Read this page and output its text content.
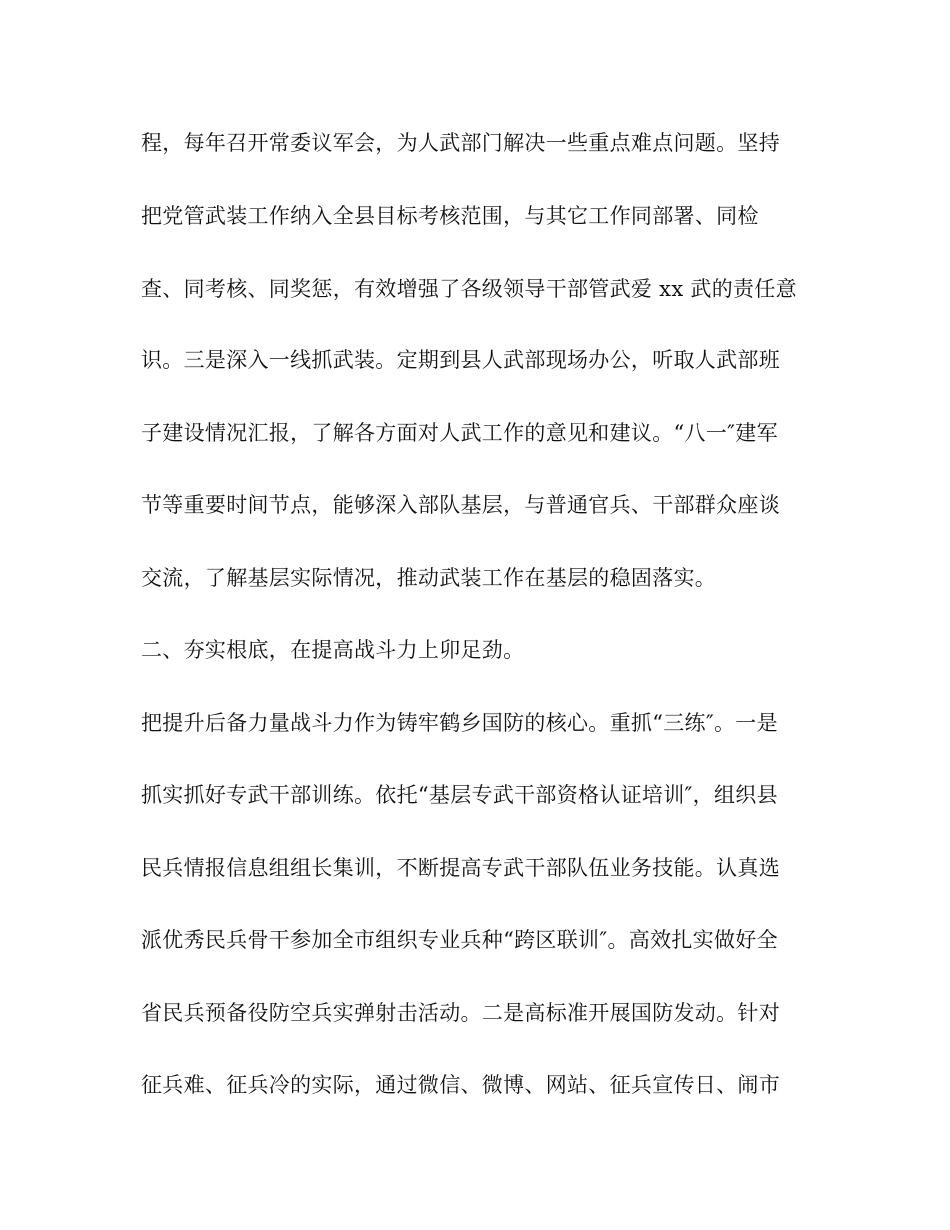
程，每年召开常委议军会，为人武部门解决一些重点难点问题。坚持

把党管武装工作纳入全县目标考核范围，与其它工作同部署、同检

查、同考核、同奖惩，有效增强了各级领导干部管武爱 xx 武的责任意

识。三是深入一线抓武装。定期到县人武部现场办公，听取人武部班

子建设情况汇报，了解各方面对人武工作的意见和建议。“八一″建军

节等重要时间节点，能够深入部队基层，与普通官兵、干部群众座谈

交流，了解基层实际情况，推动武装工作在基层的稳固落实。

二、夯实根底，在提高战斗力上卯足劲。

把提升后备力量战斗力作为铸牢鹤乡国防的核心。重抓“三练″。一是

抓实抓好专武干部训练。依托“基层专武干部资格认证培训″，组织县

民兵情报信息组组长集训，不断提高专武干部队伍业务技能。认真选

派优秀民兵骨干参加全市组织专业兵种“跨区联训″。高效扎实做好全

省民兵预备役防空兵实弹射击活动。二是高标准开展国防发动。针对

征兵难、征兵冷的实际，通过微信、微博、网站、征兵宣传日、闹市
